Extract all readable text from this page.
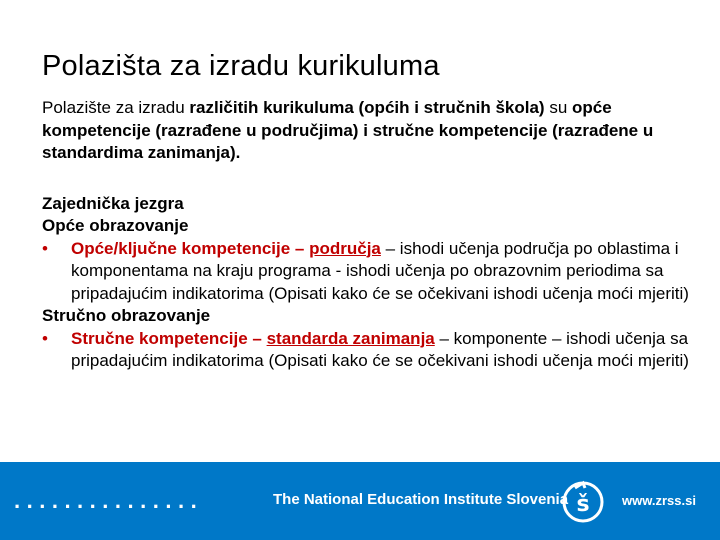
Polazišta za izradu kurikuluma

Polazište za izradu različitih kurikuluma (općih i stručnih škola) su opće kompetencije (razrađene u područjima) i stručne kompetencije (razrađene u standardima zanimanja).

Zajednička jezgra

Opće obrazovanje

•	Opće/ključne kompetencije – područja – ishodi učenja područja po oblastima i komponentama na kraju programa - ishodi učenja po obrazovnim periodima sa pripadajućim indikatorima (Opisati kako će se očekivani ishodi učenja moći mjeriti)

Stručno obrazovanje

•	Stručne kompetencije – standarda zanimanja – komponente – ishodi učenja sa pripadajućim indikatorima (Opisati kako će se očekivani ishodi učenja moći mjeriti)

...............	The National Education Institute Slovenia š www.zrss.si
